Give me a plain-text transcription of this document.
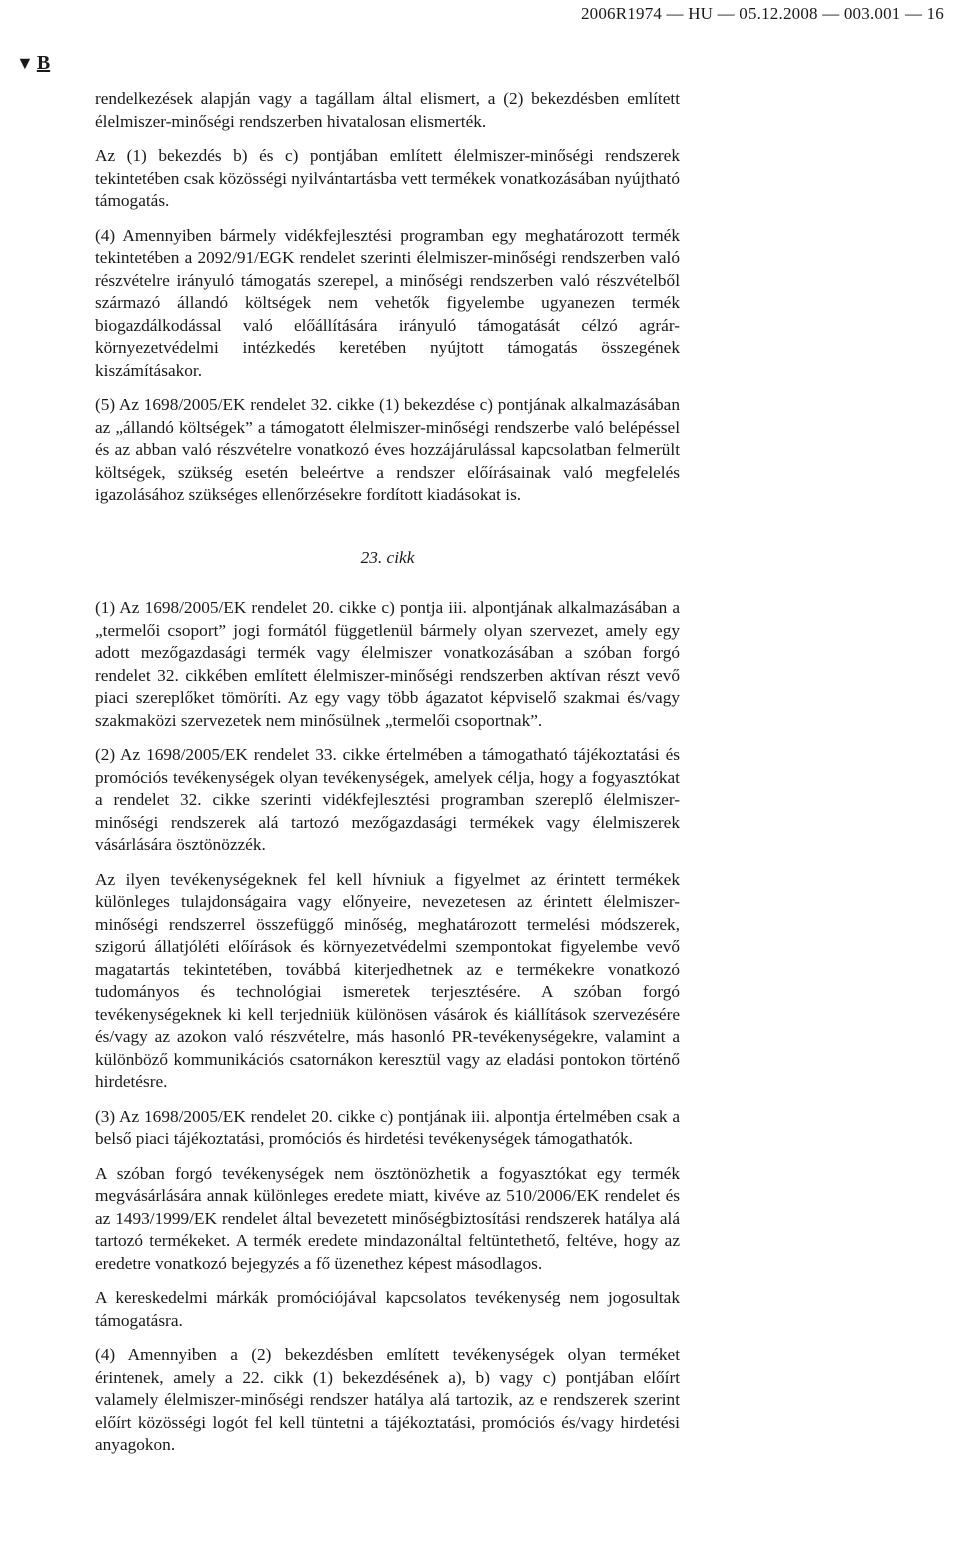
2006R1974 — HU — 05.12.2008 — 003.001 — 16
▼ B

rendelkezések alapján vagy a tagállam által elismert, a (2) bekezdésben említett élelmiszer-minőségi rendszerben hivatalosan elismerték.

Az (1) bekezdés b) és c) pontjában említett élelmiszer-minőségi rendszerek tekintetében csak közösségi nyilvántartásba vett termékek vonatkozásában nyújtható támogatás.

(4) Amennyiben bármely vidékfejlesztési programban egy meghatározott termék tekintetében a 2092/91/EGK rendelet szerinti élelmiszer-minőségi rendszerben való részvételre irányuló támogatás szerepel, a minőségi rendszerben való részvételből származó állandó költségek nem vehetők figyelembe ugyanezen termék biogazdálkodással való előállítására irányuló támogatását célzó agrár-környezetvédelmi intézkedés keretében nyújtott támogatás összegének kiszámításakor.

(5) Az 1698/2005/EK rendelet 32. cikke (1) bekezdése c) pontjának alkalmazásában az „állandó költségek” a támogatott élelmiszer-minőségi rendszerbe való belépéssel és az abban való részvételre vonatkozó éves hozzájárulással kapcsolatban felmerült költségek, szükség esetén beleértve a rendszer előírásainak való megfelelés igazolásához szükséges ellenőrzésekre fordított kiadásokat is.

23. cikk

(1) Az 1698/2005/EK rendelet 20. cikke c) pontja iii. alpontjának alkalmazásában a „termelői csoport” jogi formától függetlenül bármely olyan szervezet, amely egy adott mezőgazdasági termék vagy élelmiszer vonatkozásában a szóban forgó rendelet 32. cikkében említett élelmiszer-minőségi rendszerben aktívan részt vevő piaci szereplőket tömöríti. Az egy vagy több ágazatot képviselő szakmai és/vagy szakmaközi szervezetek nem minősülnek „termelői csoportnak”.

(2) Az 1698/2005/EK rendelet 33. cikke értelmében a támogatható tájékoztatási és promóciós tevékenységek olyan tevékenységek, amelyek célja, hogy a fogyasztókat a rendelet 32. cikke szerinti vidékfejlesztési programban szereplő élelmiszer-minőségi rendszerek alá tartozó mezőgazdasági termékek vagy élelmiszerek vásárlására ösztönözzék.

Az ilyen tevékenységeknek fel kell hívniuk a figyelmet az érintett termékek különleges tulajdonságaira vagy előnyeire, nevezetesen az érintett élelmiszer-minőségi rendszerrel összefüggő minőség, meghatározott termelési módszerek, szigorú állatjóléti előírások és környezetvédelmi szempontokat figyelembe vevő magatartás tekintetében, továbbá kiterjedhetnek az e termékekre vonatkozó tudományos és technológiai ismeretek terjesztésére. A szóban forgó tevékenységeknek ki kell terjedniük különösen vásárok és kiállítások szervezésére és/vagy az azokon való részvételre, más hasonló PR-tevékenységekre, valamint a különböző kommunikációs csatornákon keresztül vagy az eladási pontokon történő hirdetésre.

(3) Az 1698/2005/EK rendelet 20. cikke c) pontjának iii. alpontja értelmében csak a belső piaci tájékoztatási, promóciós és hirdetési tevékenységek támogathatók.

A szóban forgó tevékenységek nem ösztönözhetik a fogyasztókat egy termék megvásárlására annak különleges eredete miatt, kivéve az 510/2006/EK rendelet és az 1493/1999/EK rendelet által bevezetett minőségbiztosítási rendszerek hatálya alá tartozó termékeket. A termék eredete mindazonáltal feltüntethető, feltéve, hogy az eredetre vonatkozó bejegyzés a fő üzenethez képest másodlagos.

A kereskedelmi márkák promóciójával kapcsolatos tevékenység nem jogosultak támogatásra.

(4) Amennyiben a (2) bekezdésben említett tevékenységek olyan terméket érintenek, amely a 22. cikk (1) bekezdésének a), b) vagy c) pontjában előírt valamely élelmiszer-minőségi rendszer hatálya alá tartozik, az e rendszerek szerint előírt közösségi logót fel kell tüntetni a tájékoztatási, promóciós és/vagy hirdetési anyagokon.
